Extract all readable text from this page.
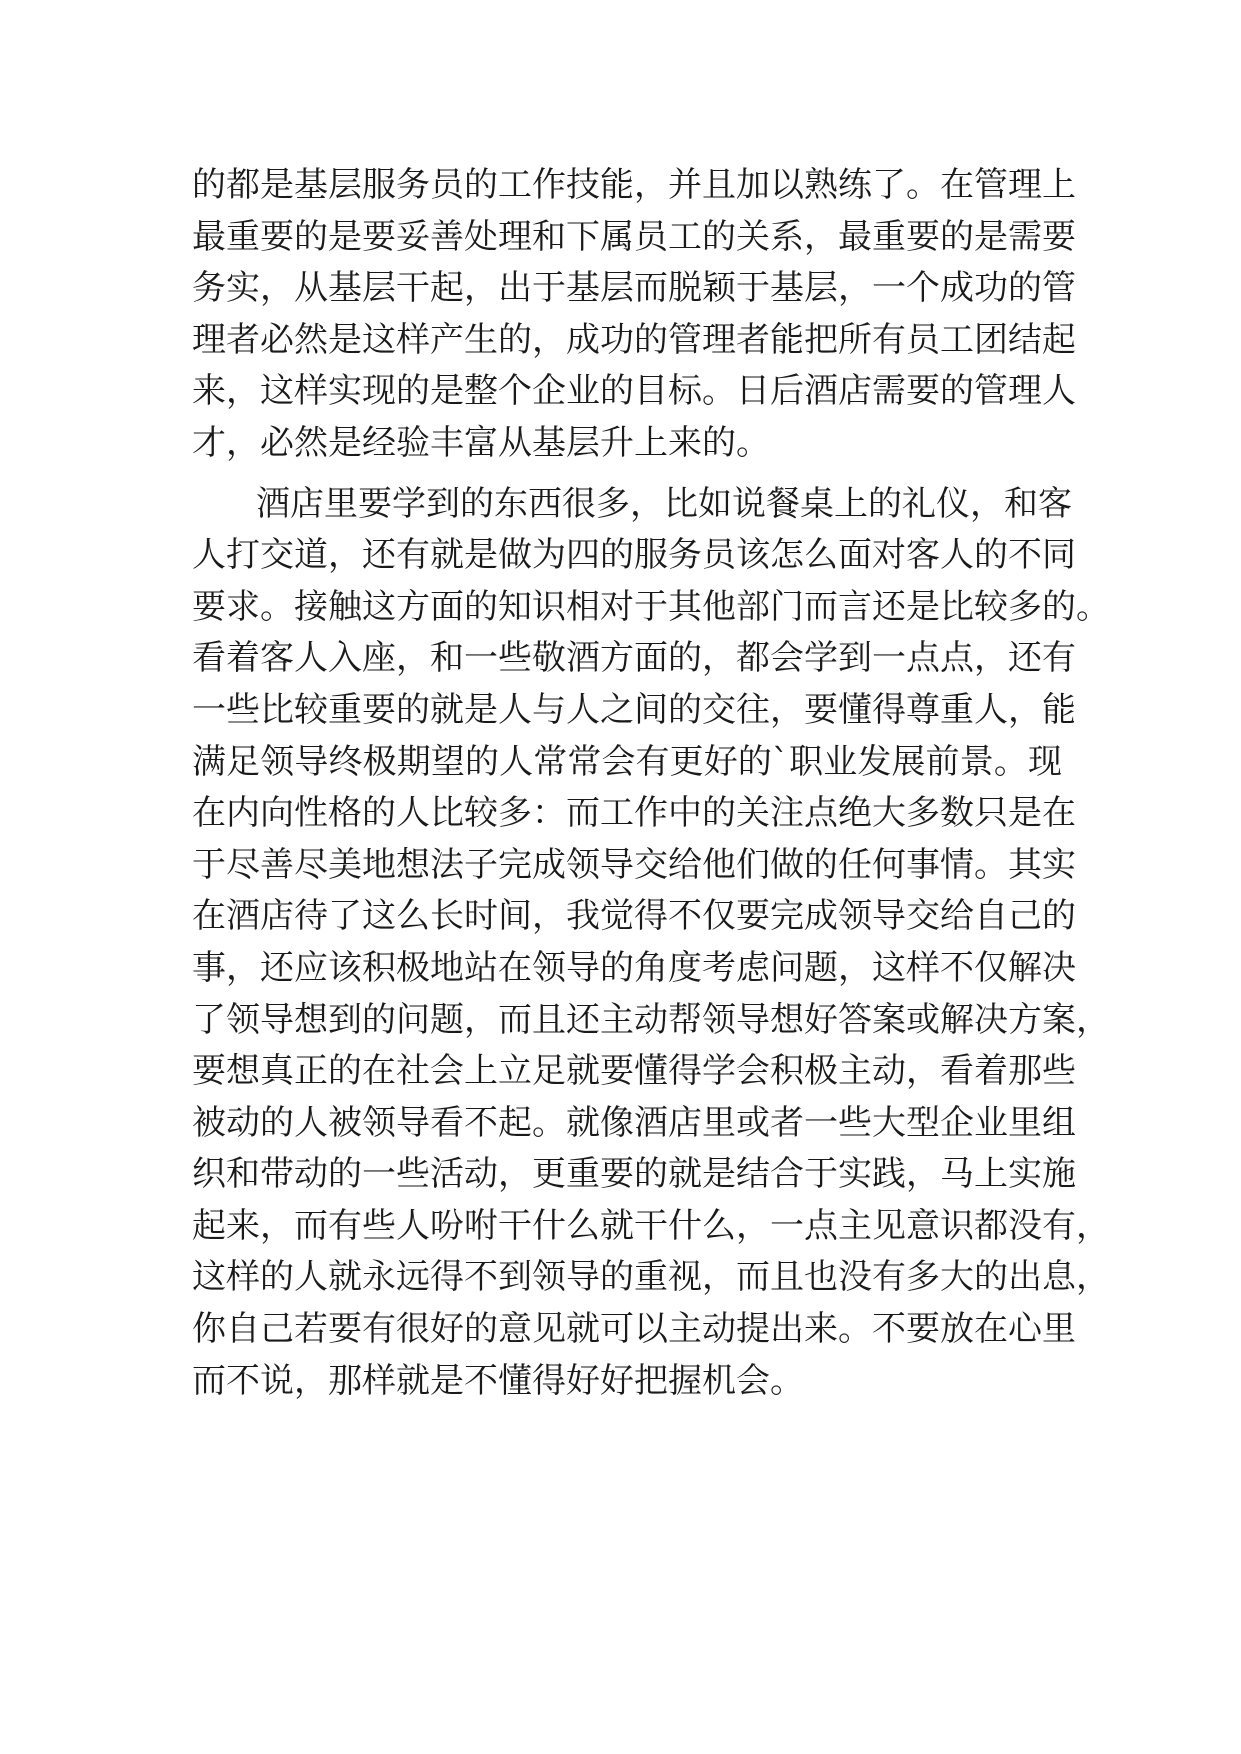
的都是基层服务员的工作技能，并且加以熟练了。在管理上
最重要的是要妥善处理和下属员工的关系，最重要的是需要
务实，从基层干起，出于基层而脱颖于基层，一个成功的管
理者必然是这样产生的，成功的管理者能把所有员工团结起
来，这样实现的是整个企业的目标。日后酒店需要的管理人
才，必然是经验丰富从基层升上来的。
酒店里要学到的东西很多，比如说餐桌上的礼仪，和客
人打交道，还有就是做为四的服务员该怎么面对客人的不同
要求。接触这方面的知识相对于其他部门而言还是比较多的。
看着客人入座，和一些敬酒方面的，都会学到一点点，还有
一些比较重要的就是人与人之间的交往，要懂得尊重人，能
满足领导终极期望的人常常会有更好的`职业发展前景。现
在内向性格的人比较多：而工作中的关注点绝大多数只是在
于尽善尽美地想法子完成领导交给他们做的任何事情。其实
在酒店待了这么长时间，我觉得不仅要完成领导交给自己的
事，还应该积极地站在领导的角度考虑问题，这样不仅解决
了领导想到的问题，而且还主动帮领导想好答案或解决方案，
要想真正的在社会上立足就要懂得学会积极主动，看着那些
被动的人被领导看不起。就像酒店里或者一些大型企业里组
织和带动的一些活动，更重要的就是结合于实践，马上实施
起来，而有些人吩咐干什么就干什么，一点主见意识都没有，
这样的人就永远得不到领导的重视，而且也没有多大的出息，
你自己若要有很好的意见就可以主动提出来。不要放在心里
而不说，那样就是不懂得好好把握机会。
